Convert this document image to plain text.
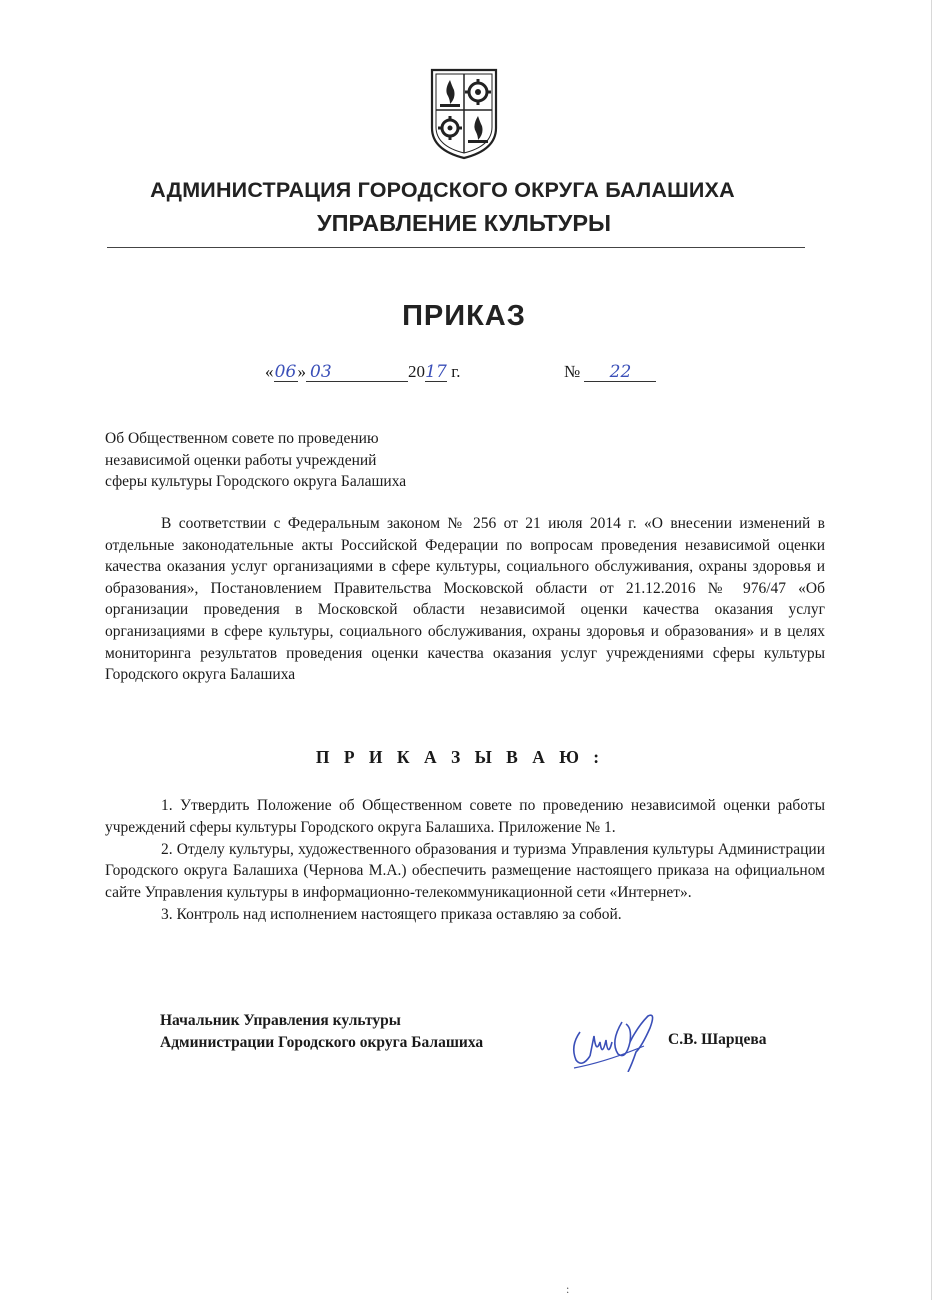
АДМИНИСТРАЦИЯ ГОРОДСКОГО ОКРУГА БАЛАШИХА
УПРАВЛЕНИЕ КУЛЬТУРЫ
ПРИКАЗ
«06» 03	2017 г.	№ 22
Об Общественном совете по проведению
независимой оценки работы учреждений
сферы культуры Городского округа Балашиха
В соответствии с Федеральным законом № 256 от 21 июля 2014 г. «О внесении изменений в отдельные законодательные акты Российской Федерации по вопросам проведения независимой оценки качества оказания услуг организациями в сфере культуры, социального обслуживания, охраны здоровья и образования», Постановлением Правительства Московской области от 21.12.2016 № 976/47 «Об организации проведения в Московской области независимой оценки качества оказания услуг организациями в сфере культуры, социального обслуживания, охраны здоровья и образования» и в целях мониторинга результатов проведения оценки качества оказания услуг учреждениями сферы культуры Городского округа Балашиха
П Р И К А З Ы В А Ю :

1. Утвердить Положение об Общественном совете по проведению независимой оценки работы учреждений сферы культуры Городского округа Балашиха. Приложение № 1.

2. Отделу культуры, художественного образования и туризма Управления культуры Администрации Городского округа Балашиха (Чернова М.А.) обеспечить размещение настоящего приказа на официальном сайте Управления культуры в информационно-телекоммуникационной сети «Интернет».

3. Контроль над исполнением настоящего приказа оставляю за собой.

Начальник Управления культуры
Администрации Городского округа Балашиха	С.В. Шарцева
:
